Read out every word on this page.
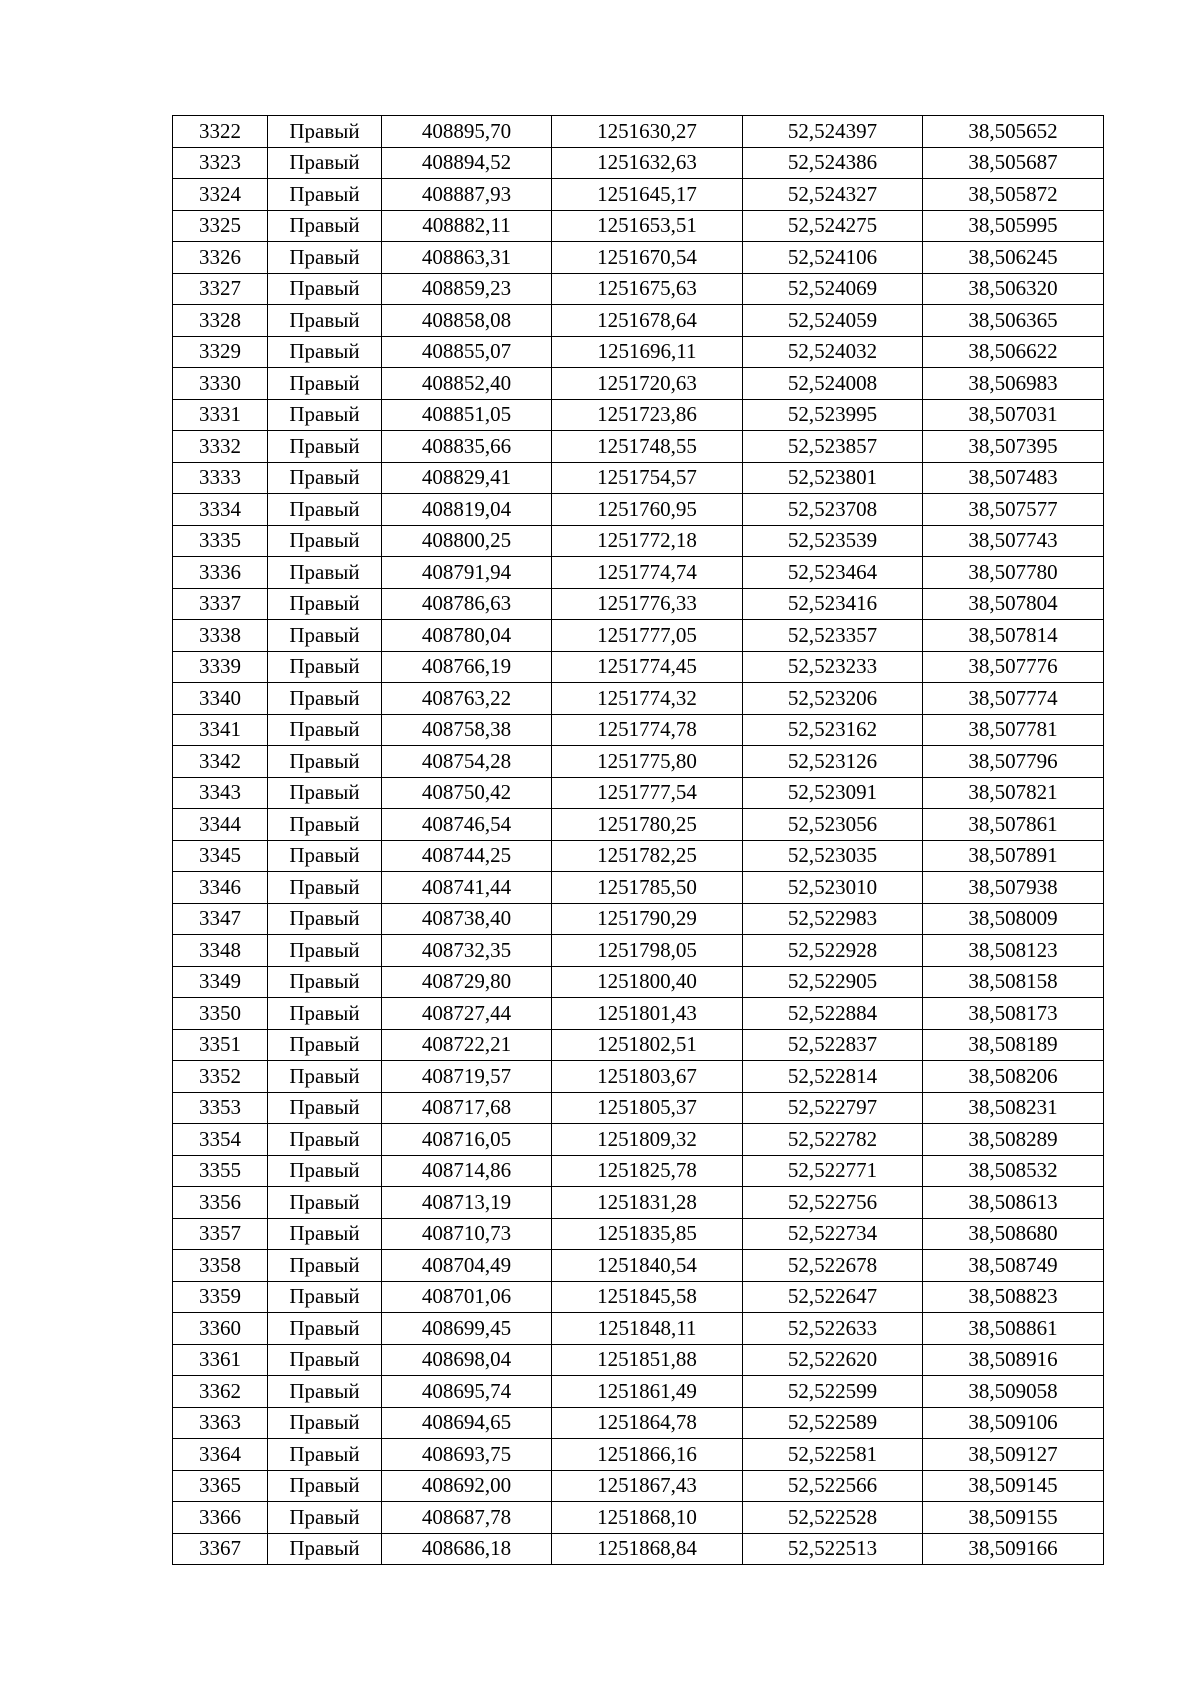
3322	Правый	408895,70	1251630,27	52,524397	38,505652
3323	Правый	408894,52	1251632,63	52,524386	38,505687
3324	Правый	408887,93	1251645,17	52,524327	38,505872
3325	Правый	408882,11	1251653,51	52,524275	38,505995
3326	Правый	408863,31	1251670,54	52,524106	38,506245
3327	Правый	408859,23	1251675,63	52,524069	38,506320
3328	Правый	408858,08	1251678,64	52,524059	38,506365
3329	Правый	408855,07	1251696,11	52,524032	38,506622
3330	Правый	408852,40	1251720,63	52,524008	38,506983
3331	Правый	408851,05	1251723,86	52,523995	38,507031
3332	Правый	408835,66	1251748,55	52,523857	38,507395
3333	Правый	408829,41	1251754,57	52,523801	38,507483
3334	Правый	408819,04	1251760,95	52,523708	38,507577
3335	Правый	408800,25	1251772,18	52,523539	38,507743
3336	Правый	408791,94	1251774,74	52,523464	38,507780
3337	Правый	408786,63	1251776,33	52,523416	38,507804
3338	Правый	408780,04	1251777,05	52,523357	38,507814
3339	Правый	408766,19	1251774,45	52,523233	38,507776
3340	Правый	408763,22	1251774,32	52,523206	38,507774
3341	Правый	408758,38	1251774,78	52,523162	38,507781
3342	Правый	408754,28	1251775,80	52,523126	38,507796
3343	Правый	408750,42	1251777,54	52,523091	38,507821
3344	Правый	408746,54	1251780,25	52,523056	38,507861
3345	Правый	408744,25	1251782,25	52,523035	38,507891
3346	Правый	408741,44	1251785,50	52,523010	38,507938
3347	Правый	408738,40	1251790,29	52,522983	38,508009
3348	Правый	408732,35	1251798,05	52,522928	38,508123
3349	Правый	408729,80	1251800,40	52,522905	38,508158
3350	Правый	408727,44	1251801,43	52,522884	38,508173
3351	Правый	408722,21	1251802,51	52,522837	38,508189
3352	Правый	408719,57	1251803,67	52,522814	38,508206
3353	Правый	408717,68	1251805,37	52,522797	38,508231
3354	Правый	408716,05	1251809,32	52,522782	38,508289
3355	Правый	408714,86	1251825,78	52,522771	38,508532
3356	Правый	408713,19	1251831,28	52,522756	38,508613
3357	Правый	408710,73	1251835,85	52,522734	38,508680
3358	Правый	408704,49	1251840,54	52,522678	38,508749
3359	Правый	408701,06	1251845,58	52,522647	38,508823
3360	Правый	408699,45	1251848,11	52,522633	38,508861
3361	Правый	408698,04	1251851,88	52,522620	38,508916
3362	Правый	408695,74	1251861,49	52,522599	38,509058
3363	Правый	408694,65	1251864,78	52,522589	38,509106
3364	Правый	408693,75	1251866,16	52,522581	38,509127
3365	Правый	408692,00	1251867,43	52,522566	38,509145
3366	Правый	408687,78	1251868,10	52,522528	38,509155
3367	Правый	408686,18	1251868,84	52,522513	38,509166
